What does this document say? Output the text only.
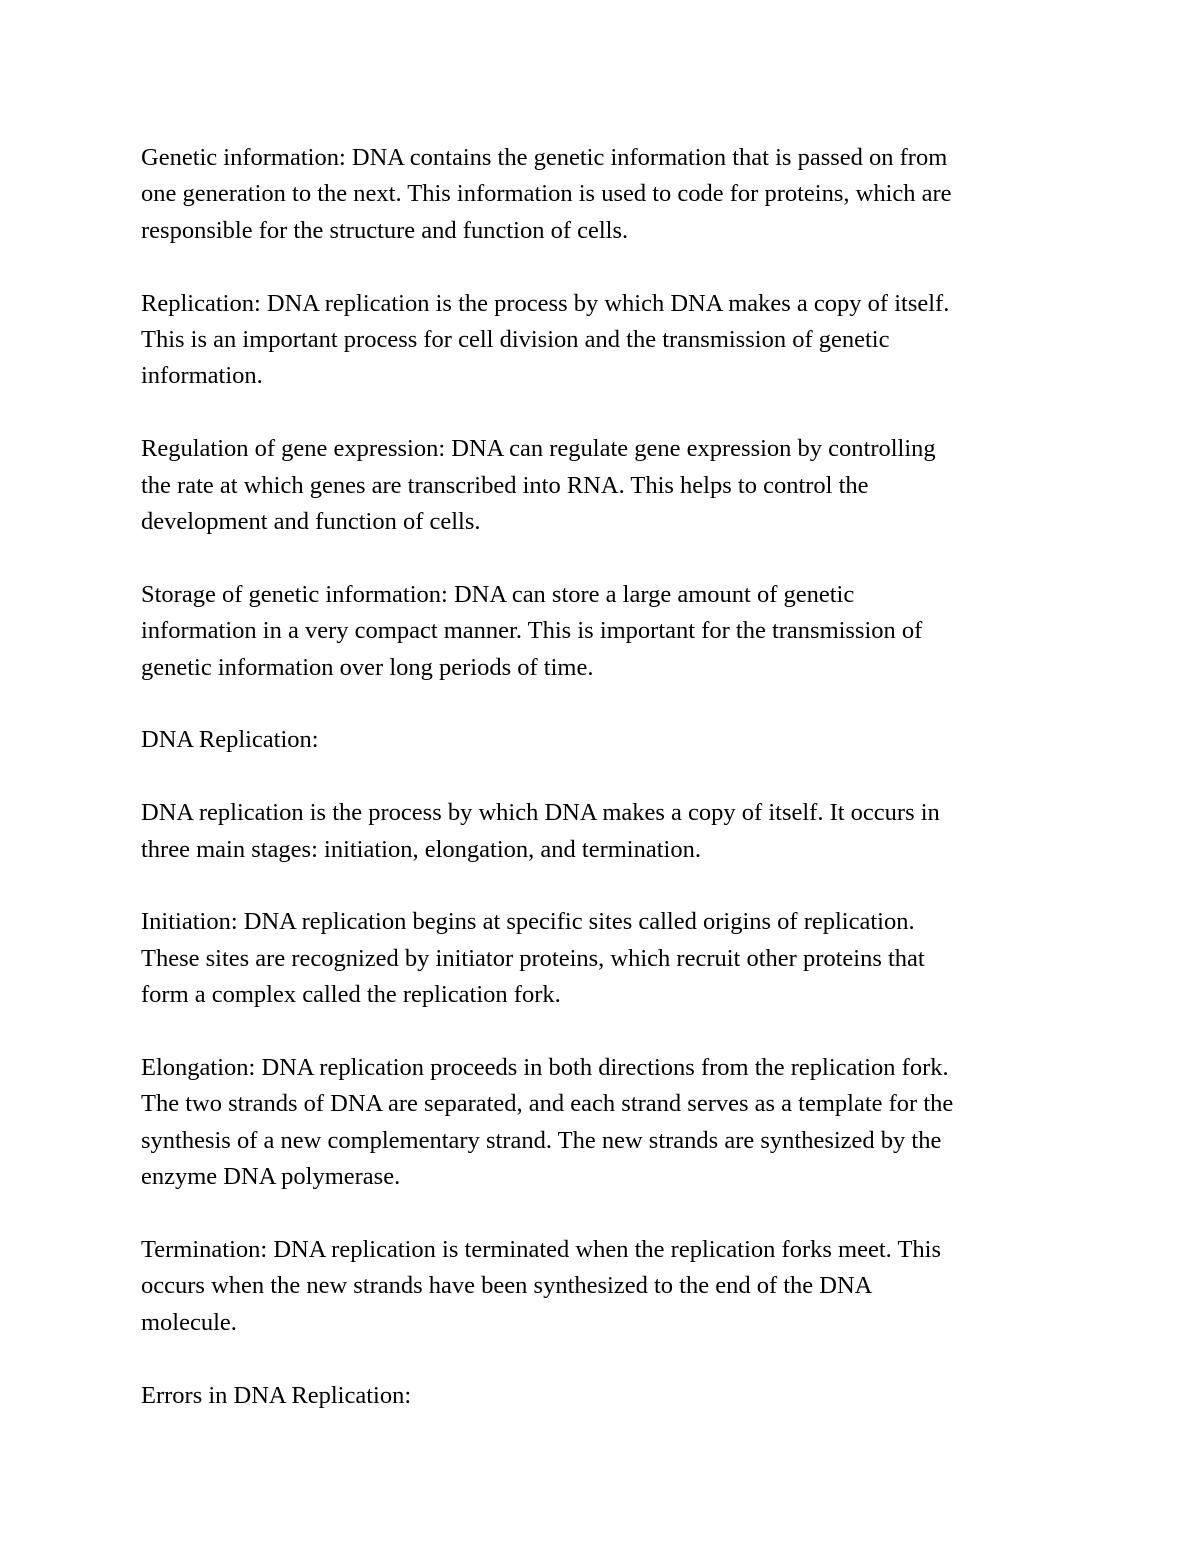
Genetic information: DNA contains the genetic information that is passed on from
one generation to the next. This information is used to code for proteins, which are
responsible for the structure and function of cells.

Replication: DNA replication is the process by which DNA makes a copy of itself.
This is an important process for cell division and the transmission of genetic
information.

Regulation of gene expression: DNA can regulate gene expression by controlling
the rate at which genes are transcribed into RNA. This helps to control the
development and function of cells.

Storage of genetic information: DNA can store a large amount of genetic
information in a very compact manner. This is important for the transmission of
genetic information over long periods of time.

DNA Replication:

DNA replication is the process by which DNA makes a copy of itself. It occurs in
three main stages: initiation, elongation, and termination.

Initiation: DNA replication begins at specific sites called origins of replication.
These sites are recognized by initiator proteins, which recruit other proteins that
form a complex called the replication fork.

Elongation: DNA replication proceeds in both directions from the replication fork.
The two strands of DNA are separated, and each strand serves as a template for the
synthesis of a new complementary strand. The new strands are synthesized by the
enzyme DNA polymerase.

Termination: DNA replication is terminated when the replication forks meet. This
occurs when the new strands have been synthesized to the end of the DNA
molecule.

Errors in DNA Replication:
